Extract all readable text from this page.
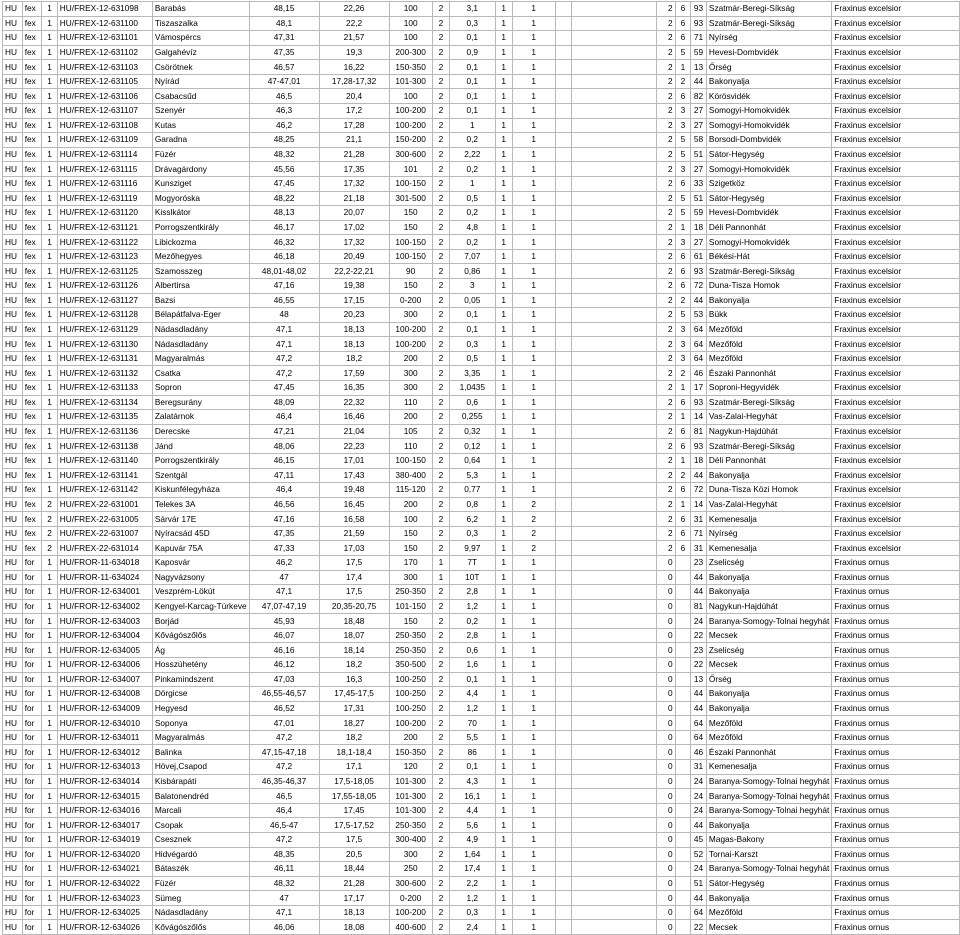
HU	fex	1	HU/FREX-12-631098	Barabás	48,15	22,26	100	2	3,1	1	1			2	6	93	Szatmár-Beregi-Síkság	Fraxinus excelsior
HU	fex	1	HU/FREX-12-631100	Tiszaszalka	48,1	22,2	100	2	0,3	1	1			2	6	93	Szatmár-Beregi-Síkság	Fraxinus excelsior
HU	fex	1	HU/FREX-12-631101	Vámospércs	47,31	21,57	100	2	0,1	1	1			2	6	71	Nyírség	Fraxinus excelsior
HU	fex	1	HU/FREX-12-631102	Galgahévíz	47,35	19,3	200-300	2	0,9	1	1			2	5	59	Hevesi-Dombvidék	Fraxinus excelsior
HU	fex	1	HU/FREX-12-631103	Csörötnek	46,57	16,22	150-350	2	0,1	1	1			2	1	13	Őrség	Fraxinus excelsior
HU	fex	1	HU/FREX-12-631105	Nyírád	47-47,01	17,28-17,32	101-300	2	0,1	1	1			2	2	44	Bakonyalja	Fraxinus excelsior
HU	fex	1	HU/FREX-12-631106	Csabacsűd	46,5	20,4	100	2	0,1	1	1			2	6	82	Körösvidék	Fraxinus excelsior
HU	fex	1	HU/FREX-12-631107	Szenyér	46,3	17,2	100-200	2	0,1	1	1			2	3	27	Somogyi-Homokvidék	Fraxinus excelsior
HU	fex	1	HU/FREX-12-631108	Kutas	46,2	17,28	100-200	2	1	1	1			2	3	27	Somogyi-Homokvidék	Fraxinus excelsior
HU	fex	1	HU/FREX-12-631109	Garadna	48,25	21,1	150-200	2	0,2	1	1			2	5	58	Borsodi-Dombvidék	Fraxinus excelsior
HU	fex	1	HU/FREX-12-631114	Füzér	48,32	21,28	300-600	2	2,22	1	1			2	5	51	Sátor-Hegység	Fraxinus excelsior
HU	fex	1	HU/FREX-12-631115	Drávagárdony	45,56	17,35	101	2	0,2	1	1			2	3	27	Somogyi-Homokvidék	Fraxinus excelsior
HU	fex	1	HU/FREX-12-631116	Kunsziget	47,45	17,32	100-150	2	1	1	1			2	6	33	Szigetköz	Fraxinus excelsior
HU	fex	1	HU/FREX-12-631119	Mogyoróska	48,22	21,18	301-500	2	0,5	1	1			2	5	51	Sátor-Hegység	Fraxinus excelsior
HU	fex	1	HU/FREX-12-631120	Kisslkátor	48,13	20,07	150	2	0,2	1	1			2	5	59	Hevesi-Dombvidék	Fraxinus excelsior
HU	fex	1	HU/FREX-12-631121	Porrogszentkirály	46,17	17,02	150	2	4,8	1	1			2	1	18	Déli Pannonhát	Fraxinus excelsior
HU	fex	1	HU/FREX-12-631122	Libickozma	46,32	17,32	100-150	2	0,2	1	1			2	3	27	Somogyi-Homokvidék	Fraxinus excelsior
HU	fex	1	HU/FREX-12-631123	Mezőhegyes	46,18	20,49	100-150	2	7,07	1	1			2	6	61	Békési-Hát	Fraxinus excelsior
HU	fex	1	HU/FREX-12-631125	Szamosszeg	48,01-48,02	22,2-22,21	90	2	0,86	1	1			2	6	93	Szatmár-Beregi-Síkság	Fraxinus excelsior
HU	fex	1	HU/FREX-12-631126	Albertirsa	47,16	19,38	150	2	3	1	1			2	6	72	Duna-Tisza Homok	Fraxinus excelsior
HU	fex	1	HU/FREX-12-631127	Bazsi	46,55	17,15	0-200	2	0,05	1	1			2	2	44	Bakonyalja	Fraxinus excelsior
HU	fex	1	HU/FREX-12-631128	Bélapátfalva-Eger	48	20,23	300	2	0,1	1	1			2	5	53	Bükk	Fraxinus excelsior
HU	fex	1	HU/FREX-12-631129	Nádasdladány	47,1	18,13	100-200	2	0,1	1	1			2	3	64	Mezőföld	Fraxinus excelsior
HU	fex	1	HU/FREX-12-631130	Nádasdladány	47,1	18,13	100-200	2	0,3	1	1			2	3	64	Mezőföld	Fraxinus excelsior
HU	fex	1	HU/FREX-12-631131	Magyaralmás	47,2	18,2	200	2	0,5	1	1			2	3	64	Mezőföld	Fraxinus excelsior
HU	fex	1	HU/FREX-12-631132	Csatka	47,2	17,59	300	2	3,35	1	1			2	2	46	Északi Pannonhát	Fraxinus excelsior
HU	fex	1	HU/FREX-12-631133	Sopron	47,45	16,35	300	2	1,0435	1	1			2	1	17	Soproni-Hegyvidék	Fraxinus excelsior
HU	fex	1	HU/FREX-12-631134	Beregsurány	48,09	22,32	110	2	0,6	1	1			2	6	93	Szatmár-Beregi-Síkság	Fraxinus excelsior
HU	fex	1	HU/FREX-12-631135	Zalatárnok	46,4	16,46	200	2	0,255	1	1			2	1	14	Vas-Zalai-Hegyhát	Fraxinus excelsior
HU	fex	1	HU/FREX-12-631136	Derecske	47,21	21,04	105	2	0,32	1	1			2	6	81	Nagykun-Hajdúhát	Fraxinus excelsior
HU	fex	1	HU/FREX-12-631138	Jánd	48,06	22,23	110	2	0,12	1	1			2	6	93	Szatmár-Beregi-Síkság	Fraxinus excelsior
HU	fex	1	HU/FREX-12-631140	Porrogszentkirály	46,15	17,01	100-150	2	0,64	1	1			2	1	18	Déli Pannonhát	Fraxinus excelsior
HU	fex	1	HU/FREX-12-631141	Szentgál	47,11	17,43	380-400	2	5,3	1	1			2	2	44	Bakonyalja	Fraxinus excelsior
HU	fex	1	HU/FREX-12-631142	Kiskunfélegyháza	46,4	19,48	115-120	2	0,77	1	1			2	6	72	Duna-Tisza Közi Homok	Fraxinus excelsior
HU	fex	2	HU/FREX-22-631001	Telekes 3A	46,56	16,45	200	2	0,8	1	2			2	1	14	Vas-Zalai-Hegyhát	Fraxinus excelsior
HU	fex	2	HU/FREX-22-631005	Sárvár 17E	47,16	16,58	100	2	6,2	1	2			2	6	31	Kemenesalja	Fraxinus excelsior
HU	fex	2	HU/FREX-22-631007	Nyíracsád 45D	47,35	21,59	150	2	0,3	1	2			2	6	71	Nyírség	Fraxinus excelsior
HU	fex	2	HU/FREX-22-631014	Kapuvár 75A	47,33	17,03	150	2	9,97	1	2			2	6	31	Kemenesalja	Fraxinus excelsior
HU	for	1	HU/FROR-11-634018	Kaposvár	46,2	17,5	170	1	7T	1	1			0		23	Zselicség	Fraxinus ornus
HU	for	1	HU/FROR-11-634024	Nagyvázsony	47	17,4	300	1	10T	1	1			0		44	Bakonyalja	Fraxinus ornus
HU	for	1	HU/FROR-12-634001	Veszprém-Lökút	47,1	17,5	250-350	2	2,8	1	1			0		44	Bakonyalja	Fraxinus ornus
HU	for	1	HU/FROR-12-634002	Kengyel-Karcag-Túrkeve	47,07-47,19	20,35-20,75	101-150	2	1,2	1	1			0		81	Nagykun-Hajdúhát	Fraxinus ornus
HU	for	1	HU/FROR-12-634003	Borjád	45,93	18,48	150	2	0,2	1	1			0		24	Baranya-Somogy-Tolnai hegyhát	Fraxinus ornus
HU	for	1	HU/FROR-12-634004	Kővágószőlős	46,07	18,07	250-350	2	2,8	1	1			0		22	Mecsek	Fraxinus ornus
HU	for	1	HU/FROR-12-634005	Ág	46,16	18,14	250-350	2	0,6	1	1			0		23	Zselicség	Fraxinus ornus
HU	for	1	HU/FROR-12-634006	Hosszúhetény	46,12	18,2	350-500	2	1,6	1	1			0		22	Mecsek	Fraxinus ornus
HU	for	1	HU/FROR-12-634007	Pinkamindszent	47,03	16,3	100-250	2	0,1	1	1			0		13	Őrség	Fraxinus ornus
HU	for	1	HU/FROR-12-634008	Dörgicse	46,55-46,57	17,45-17,5	100-250	2	4,4	1	1			0		44	Bakonyalja	Fraxinus ornus
HU	for	1	HU/FROR-12-634009	Hegyesd	46,52	17,31	100-250	2	1,2	1	1			0		44	Bakonyalja	Fraxinus ornus
HU	for	1	HU/FROR-12-634010	Soponya	47,01	18,27	100-200	2	70	1	1			0		64	Mezőföld	Fraxinus ornus
HU	for	1	HU/FROR-12-634011	Magyaralmás	47,2	18,2	200	2	5,5	1	1			0		64	Mezőföld	Fraxinus ornus
HU	for	1	HU/FROR-12-634012	Balinka	47,15-47,18	18,1-18,4	150-350	2	86	1	1			0		46	Északi Pannonhát	Fraxinus ornus
HU	for	1	HU/FROR-12-634013	Hövej,Csapod	47,2	17,1	120	2	0,1	1	1			0		31	Kemenesalja	Fraxinus ornus
HU	for	1	HU/FROR-12-634014	Kisbárapáti	46,35-46,37	17,5-18,05	101-300	2	4,3	1	1			0		24	Baranya-Somogy-Tolnai hegyhát	Fraxinus ornus
HU	for	1	HU/FROR-12-634015	Balatonendréd	46,5	17,55-18,05	101-300	2	16,1	1	1			0		24	Baranya-Somogy-Tolnai hegyhát	Fraxinus ornus
HU	for	1	HU/FROR-12-634016	Marcali	46,4	17,45	101-300	2	4,4	1	1			0		24	Baranya-Somogy-Tolnai hegyhát	Fraxinus ornus
HU	for	1	HU/FROR-12-634017	Csopak	46,5-47	17,5-17,52	250-350	2	5,6	1	1			0		44	Bakonyalja	Fraxinus ornus
HU	for	1	HU/FROR-12-634019	Csesznek	47,2	17,5	300-400	2	4,9	1	1			0		45	Magas-Bakony	Fraxinus ornus
HU	for	1	HU/FROR-12-634020	Hidvégardó	48,35	20,5	300	2	1,64	1	1			0		52	Tornai-Karszt	Fraxinus ornus
HU	for	1	HU/FROR-12-634021	Bátaszék	46,11	18,44	250	2	17,4	1	1			0		24	Baranya-Somogy-Tolnai hegyhát	Fraxinus ornus
HU	for	1	HU/FROR-12-634022	Füzér	48,32	21,28	300-600	2	2,2	1	1			0		51	Sátor-Hegység	Fraxinus ornus
HU	for	1	HU/FROR-12-634023	Sümeg	47	17,17	0-200	2	1,2	1	1			0		44	Bakonyalja	Fraxinus ornus
HU	for	1	HU/FROR-12-634025	Nádasdladány	47,1	18,13	100-200	2	0,3	1	1			0		64	Mezőföld	Fraxinus ornus
HU	for	1	HU/FROR-12-634026	Kővágószőlős	46,06	18,08	400-600	2	2,4	1	1			0		22	Mecsek	Fraxinus ornus
